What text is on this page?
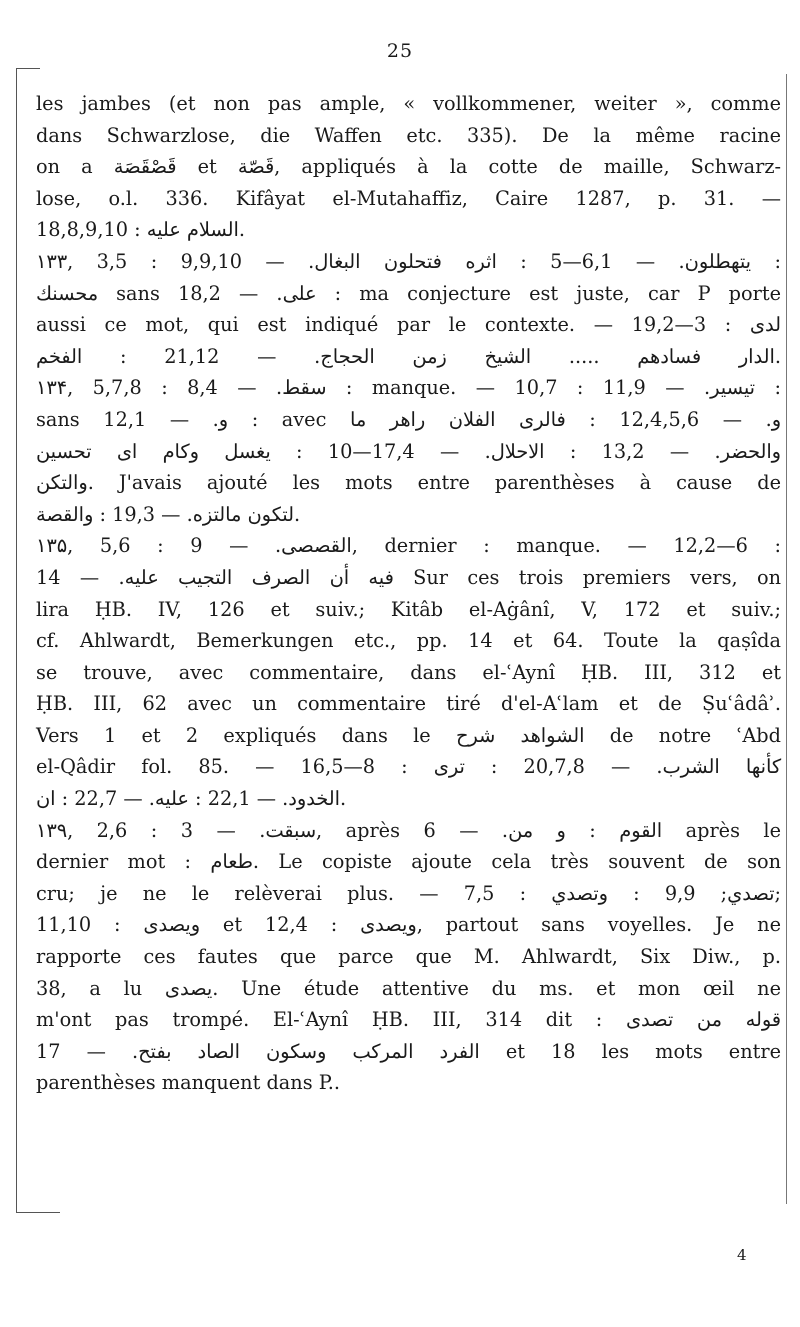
25

les jambes (et non pas ample, « vollkommener, weiter », comme

dans Schwarzlose, die Waffen etc. 335). De la même racine

on a ‌ﻗَﺼْﻘَﺼَﺔ et ﻗَﺼّﺔ, appliqués à la cotte de maille, Schwarz-

lose, o.l. 336. Kifâyat el-Mutahaffiz, Caire 1287, p. 31. —

18,8,9,10 : ﺍﻟﺴﻼﻡ ﻋﻠﻴﻪ.

۱۳۳, 3,5 : ﻳﺘﻬﻄﻠﻮﻥ. — 6,1—5 : ﺍﺛﺮﻩ ﻓﺘﺤﻠﻮﻥ ﺍﻟﺒﻐﺎﻝ. — 9,9,10 :

ﻣﺤﺴﻨﻚ sans ﻋﻠﻰ. — 18,2 : ma conjecture est juste, car P porte

aussi ce mot, qui est indiqué par le contexte. — 19,2—3 : ﻟﺪﻯ

ﺍﻟﺪﺍﺭ ﻓﺴﺎﺩﻫﻢ ..... ﺍﻟﺸﻴﺦ ﺯﻣﻦ ﺍﻟﺤﺠﺎﺝ. — 21,12 : ﺍﻟﻔﺨﻢ.

۱۳۴, 5,7,8 : ﺳﻘﻂ. — 8,4 : manque. — 10,7 : ﺗﻴﺴﻴﺮ. — 11,9 :

sans ﻭ. — 12,1 : avec ﻭ. — 12,4,5,6 : ﻓﺎﻟﺮﻯ ﺍﻟﻔﻼﻥ ﺭﺍﻫﺮ ﻣﺎ

ﻭﺍﻟﺤﻀﺮ. — 13,2 : ﺍﻻﺣﻼﻝ. — 17,4—10 : ﻳﻐﺴﻞ ﻭﻛﺎﻡ ﺍﻯ ﺗﺤﺴﻴﻦ

ﻭﺍﻟﺘﻜﻦ. J'avais ajouté les mots entre parenthèses à cause de

ﻟﺘﻜﻮﻥ ﻣﺎﻟﺘﺰﻩ. — 19,3 : ﻭﺍﻟﻘﺼﺔ.

۱۳۵, 5,6 : ﺍﻟﻘﺼﺼﻰ. — 9, dernier : manque. — 12,2—6 :

ﻓﻴﻪ ﺃﻥ ﺍﻟﺼﺮﻑ ﺍﻟﺘﺠﻴﺐ ﻋﻠﻴﻪ. — 14 Sur ces trois premiers vers, on

lira ḤB. IV, 126 et suiv.; Kitâb el-Aġânî, V, 172 et suiv.;

cf. Ahlwardt, Bemerkungen etc., pp. 14 et 64. Toute la qaṣîda

se trouve, avec commentaire, dans el-ʿAynî ḤB. III, 312 et

ḤB. III, 62 avec un commentaire tiré d'el-Aʿlam et de Ṣuʿâdâʾ.

Vers 1 et 2 expliqués dans le ﺍﻟﺸﻮﺍﻫﺪ ﺷﺮﺡ de notre ʿAbd

el-Qâdir fol. 85. — 16,5—8 : ﻛﺄﻧﻬﺎ ﺍﻟﺸﺮﺏ. — 20,7,8 : ﺗﺮﻯ

ﺍﻟﺨﺪﻭﺩ. — 22,1 : ﻋﻠﻴﻪ. — 22,7 : ﺍﻥ.

۱۳۹, 2,6 : ﺳﺒﻘﺖ. — 3, après ﺍﻟﻘﻮﻡ : ﻭ ﻣﻦ. — 6 après le

dernier mot : ﻃﻌﺎﻡ. Le copiste ajoute cela très souvent de son

cru; je ne le relèverai plus. — 7,5 : ﺗﺼﺪﻱ; 9,9 : ﻭﺗﺼﺪﻱ;

11,10 : ﻭﻳﺼﺪﻯ et 12,4 : ﻭﻳﺼﺪﻯ, partout sans voyelles. Je ne

rapporte ces fautes que parce que M. Ahlwardt, Six Diw., p.

38, a lu ﻳﺼﺪﻯ. Une étude attentive du ms. et mon œil ne

m'ont pas trompé. El-ʿAynî ḤB. III, 314 dit : ﻗﻮﻟﻪ ﻣﻦ ﺗﺼﺪﻯ

ﺍﻟﻔﺮﺩ ﺍﻟﻤﺮﻛﺐ ﻭﺳﻜﻮﻥ ﺍﻟﺼﺎﺩ ﺑﻔﺘﺢ. — 17 et 18 les mots entre

parenthèses manquent dans P..

4
